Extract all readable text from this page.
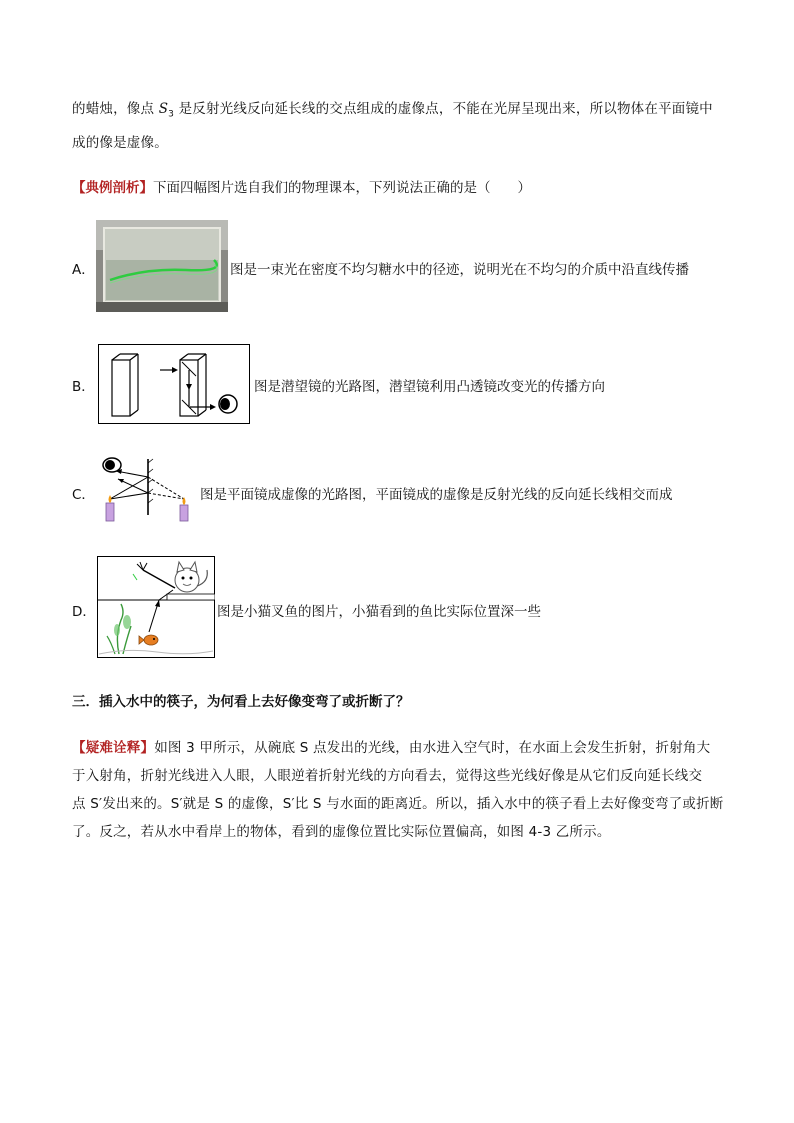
的蜡烛，像点 $S_3$ 是反射光线反向延长线的交点组成的虚像点，不能在光屏呈现出来，所以物体在平面镜中
成的像是虚像。
【典例剖析】下面四幅图片选自我们的物理课本，下列说法正确的是（　　）
A．	图是一束光在密度不均匀糖水中的径迹，说明光在不均匀的介质中沿直线传播
B．	图是潜望镜的光路图，潜望镜利用凸透镜改变光的传播方向
C．	图是平面镜成虚像的光路图，平面镜成的虚像是反射光线的反向延长线相交而成
D．	图是小猫叉鱼的图片，小猫看到的鱼比实际位置深一些
三．插入水中的筷子，为何看上去好像变弯了或折断了？
【疑难诠释】如图 3 甲所示，从碗底 S 点发出的光线，由水进入空气时，在水面上会发生折射，折射角大
于入射角，折射光线进入人眼，人眼逆着折射光线的方向看去，觉得这些光线好像是从它们反向延长线交
点 S′发出来的。S′就是 S 的虚像，S′比 S 与水面的距离近。所以，插入水中的筷子看上去好像变弯了或折断
了。反之，若从水中看岸上的物体，看到的虚像位置比实际位置偏高，如图 4-3 乙所示。
